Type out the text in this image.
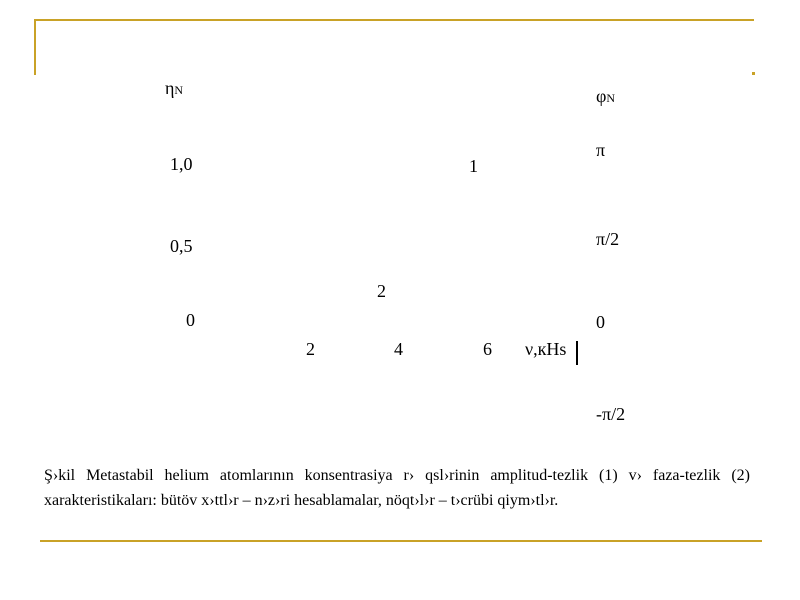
ηN
1,0
0,5
0
φN
π
π/2
0
-π/2
1
2
2	4	6 ν,кHs
Ş›kil Metastabil helium atomlarının konsentrasiya r› qsl›rinin amplitud-tezlik (1) v› faza-tezlik (2) xarakteristikaları: bütöv x›ttl›r – n›z›ri hesablamalar, nöqt›l›r – t›crübi qiym›tl›r.
